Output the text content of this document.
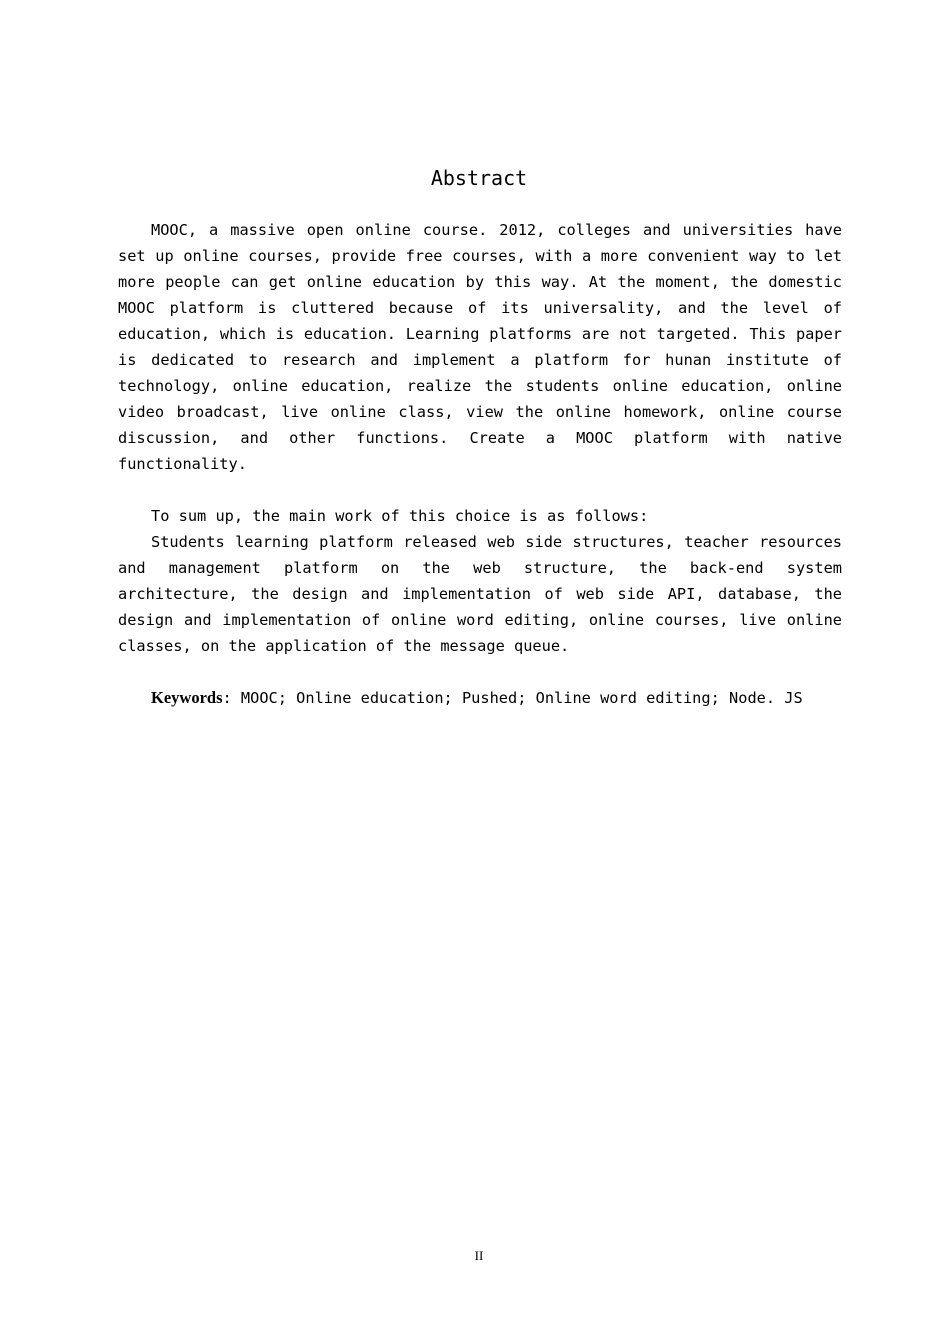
Abstract

MOOC, a massive open online course. 2012, colleges and universities have set up online courses, provide free courses, with a more convenient way to let more people can get online education by this way. At the moment, the domestic MOOC platform is cluttered because of its universality, and the level of education, which is education. Learning platforms are not targeted. This paper is dedicated to research and implement a platform for hunan institute of technology, online education, realize the students online education, online video broadcast, live online class, view the online homework, online course discussion, and other functions. Create a MOOC platform with native functionality.

To sum up, the main work of this choice is as follows:

Students learning platform released web side structures, teacher resources and management platform on the web structure, the back-end system architecture, the design and implementation of web side API, database, the design and implementation of online word editing, online courses, live online classes, on the application of the message queue.

Keywords: MOOC; Online education; Pushed; Online word editing; Node. JS
II
